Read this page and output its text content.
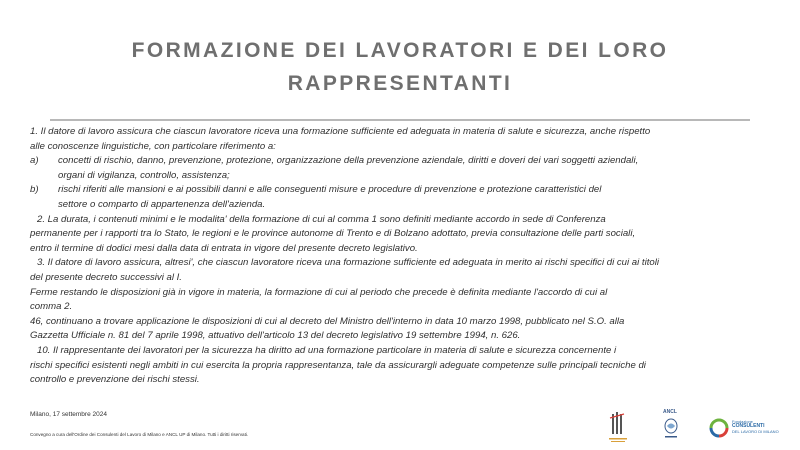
FORMAZIONE DEI LAVORATORI E DEI LORO
RAPPRESENTANTI
1. Il datore di lavoro assicura che ciascun lavoratore riceva una formazione sufficiente ed adeguata in materia di salute e sicurezza, anche rispetto
alle conoscenze linguistiche, con particolare riferimento a:
a) concetti di rischio, danno, prevenzione, protezione, organizzazione della prevenzione aziendale, diritti e doveri dei vari soggetti aziendali,
organi di vigilanza, controllo, assistenza;
b) rischi riferiti alle mansioni e ai possibili danni e alle conseguenti misure e procedure di prevenzione e protezione caratteristici del
settore o comparto di appartenenza dell'azienda.
2. La durata, i contenuti minimi e le modalita' della formazione di cui al comma 1 sono definiti mediante accordo in sede di Conferenza
permanente per i rapporti tra lo Stato, le regioni e le province autonome di Trento e di Bolzano adottato, previa consultazione delle parti sociali,
entro il termine di dodici mesi dalla data di entrata in vigore del presente decreto legislativo.
3. Il datore di lavoro assicura, altresi', che ciascun lavoratore riceva una formazione sufficiente ed adeguata in merito ai rischi specifici di cui ai titoli
del presente decreto successivi al I.
Ferme restando le disposizioni già in vigore in materia, la formazione di cui al periodo che precede è definita mediante l'accordo di cui al
comma 2.
46, continuano a trovare applicazione le disposizioni di cui al decreto del Ministro dell'interno in data 10 marzo 1998, pubblicato nel S.O. alla
Gazzetta Ufficiale n. 81 del 7 aprile 1998, attuativo dell'articolo 13 del decreto legislativo 19 settembre 1994, n. 626.
10. Il rappresentante dei lavoratori per la sicurezza ha diritto ad una formazione particolare in materia di salute e sicurezza concernente i
rischi specifici esistenti negli ambiti in cui esercita la propria rappresentanza, tale da assicurargli adeguate competenze sulle principali tecniche di
controllo e prevenzione dei rischi stessi.
Milano, 17 settembre 2024
Convegno a cura dell'Ordine dei Consulenti del Lavoro di Milano e ANCL UP di Milano. Tutti i diritti riservati.
ANCL
Fondazione
CONSULENTI
DEL LAVORO DI MILANO
